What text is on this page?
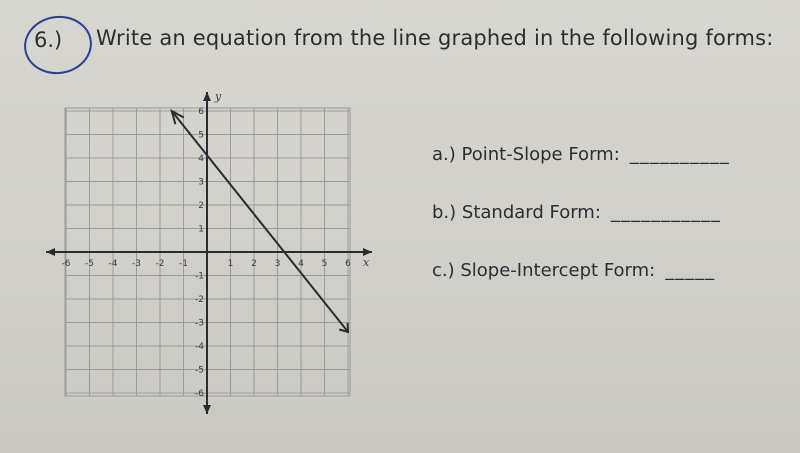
6.) Write an equation from the line graphed in the following forms:
x
y
-6 -5 -4 -3 -2 -1	1 2 3 4 5 6
6
5
4
3
2
1
-1
-2
-3
-4
-5
-6
a.) Point-Slope Form: __________
b.) Standard Form: ___________
c.) Slope-Intercept Form: _____
